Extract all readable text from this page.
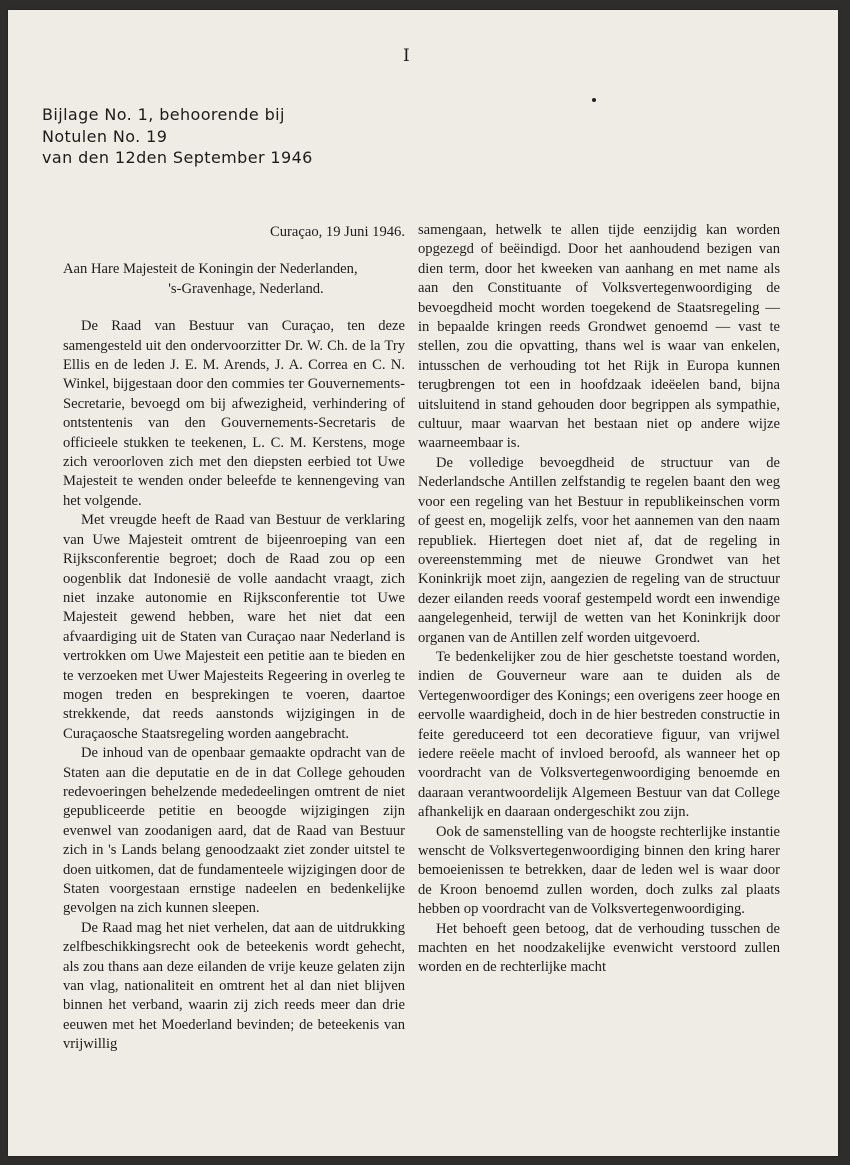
I
Bijlage No. 1, behoorende bij
Notulen No. 19
van den 12den September 1946
Curaçao, 19 Juni 1946.
Aan Hare Majesteit de Koningin der Nederlanden,
's-Gravenhage, Nederland.

De Raad van Bestuur van Curaçao, ten deze samengesteld uit den ondervoorzitter Dr. W. Ch. de la Try Ellis en de leden J. E. M. Arends, J. A. Correa en C. N. Winkel, bijgestaan door den commies ter Gouvernements-Secretarie, bevoegd om bij afwezigheid, verhindering of ontstentenis van den Gouvernements-Secretaris de officieele stukken te teekenen, L. C. M. Kerstens, moge zich veroorloven zich met den diepsten eerbied tot Uwe Majesteit te wenden onder beleefde te kennengeving van het volgende.

Met vreugde heeft de Raad van Bestuur de verklaring van Uwe Majesteit omtrent de bijeenroeping van een Rijksconferentie begroet; doch de Raad zou op een oogenblik dat Indonesië de volle aandacht vraagt, zich niet inzake autonomie en Rijksconferentie tot Uwe Majesteit gewend hebben, ware het niet dat een afvaardiging uit de Staten van Curaçao naar Nederland is vertrokken om Uwe Majesteit een petitie aan te bieden en te verzoeken met Uwer Majesteits Regeering in overleg te mogen treden en besprekingen te voeren, daartoe strekkende, dat reeds aanstonds wijzigingen in de Curaçaosche Staatsregeling worden aangebracht.

De inhoud van de openbaar gemaakte opdracht van de Staten aan die deputatie en de in dat College gehouden redevoeringen behelzende mededeelingen omtrent de niet gepubliceerde petitie en beoogde wijzigingen zijn evenwel van zoodanigen aard, dat de Raad van Bestuur zich in 's Lands belang genoodzaakt ziet zonder uitstel te doen uitkomen, dat de fundamenteele wijzigingen door de Staten voorgestaan ernstige nadeelen en bedenkelijke gevolgen na zich kunnen sleepen.

De Raad mag het niet verhelen, dat aan de uitdrukking zelfbeschikkingsrecht ook de beteekenis wordt gehecht, als zou thans aan deze eilanden de vrije keuze gelaten zijn van vlag, nationaliteit en omtrent het al dan niet blijven binnen het verband, waarin zij zich reeds meer dan drie eeuwen met het Moederland bevinden; de beteekenis van vrijwillig

samengaan, hetwelk te allen tijde eenzijdig kan worden opgezegd of beëindigd. Door het aanhoudend bezigen van dien term, door het kweeken van aanhang en met name als aan den Constituante of Volksvertegenwoordiging de bevoegdheid mocht worden toegekend de Staatsregeling — in bepaalde kringen reeds Grondwet genoemd — vast te stellen, zou die opvatting, thans wel is waar van enkelen, intusschen de verhouding tot het Rijk in Europa kunnen terugbrengen tot een in hoofdzaak ideëelen band, bijna uitsluitend in stand gehouden door begrippen als sympathie, cultuur, maar waarvan het bestaan niet op andere wijze waarneembaar is.

De volledige bevoegdheid de structuur van de Nederlandsche Antillen zelfstandig te regelen baant den weg voor een regeling van het Bestuur in republikeinschen vorm of geest en, mogelijk zelfs, voor het aannemen van den naam republiek. Hiertegen doet niet af, dat de regeling in overeenstemming met de nieuwe Grondwet van het Koninkrijk moet zijn, aangezien de regeling van de structuur dezer eilanden reeds vooraf gestempeld wordt een inwendige aangelegenheid, terwijl de wetten van het Koninkrijk door organen van de Antillen zelf worden uitgevoerd.

Te bedenkelijker zou de hier geschetste toestand worden, indien de Gouverneur ware aan te duiden als de Vertegenwoordiger des Konings; een overigens zeer hooge en eervolle waardigheid, doch in de hier bestreden constructie in feite gereduceerd tot een decoratieve figuur, van vrijwel iedere reëele macht of invloed beroofd, als wanneer het op voordracht van de Volksvertegenwoordiging benoemde en daaraan verantwoordelijk Algemeen Bestuur van dat College afhankelijk en daaraan ondergeschikt zou zijn.

Ook de samenstelling van de hoogste rechterlijke instantie wenscht de Volksvertegenwoordiging binnen den kring harer bemoeienissen te betrekken, daar de leden wel is waar door de Kroon benoemd zullen worden, doch zulks zal plaats hebben op voordracht van de Volksvertegenwoordiging.

Het behoeft geen betoog, dat de verhouding tusschen de machten en het noodzakelijke evenwicht verstoord zullen worden en de rechterlijke macht
